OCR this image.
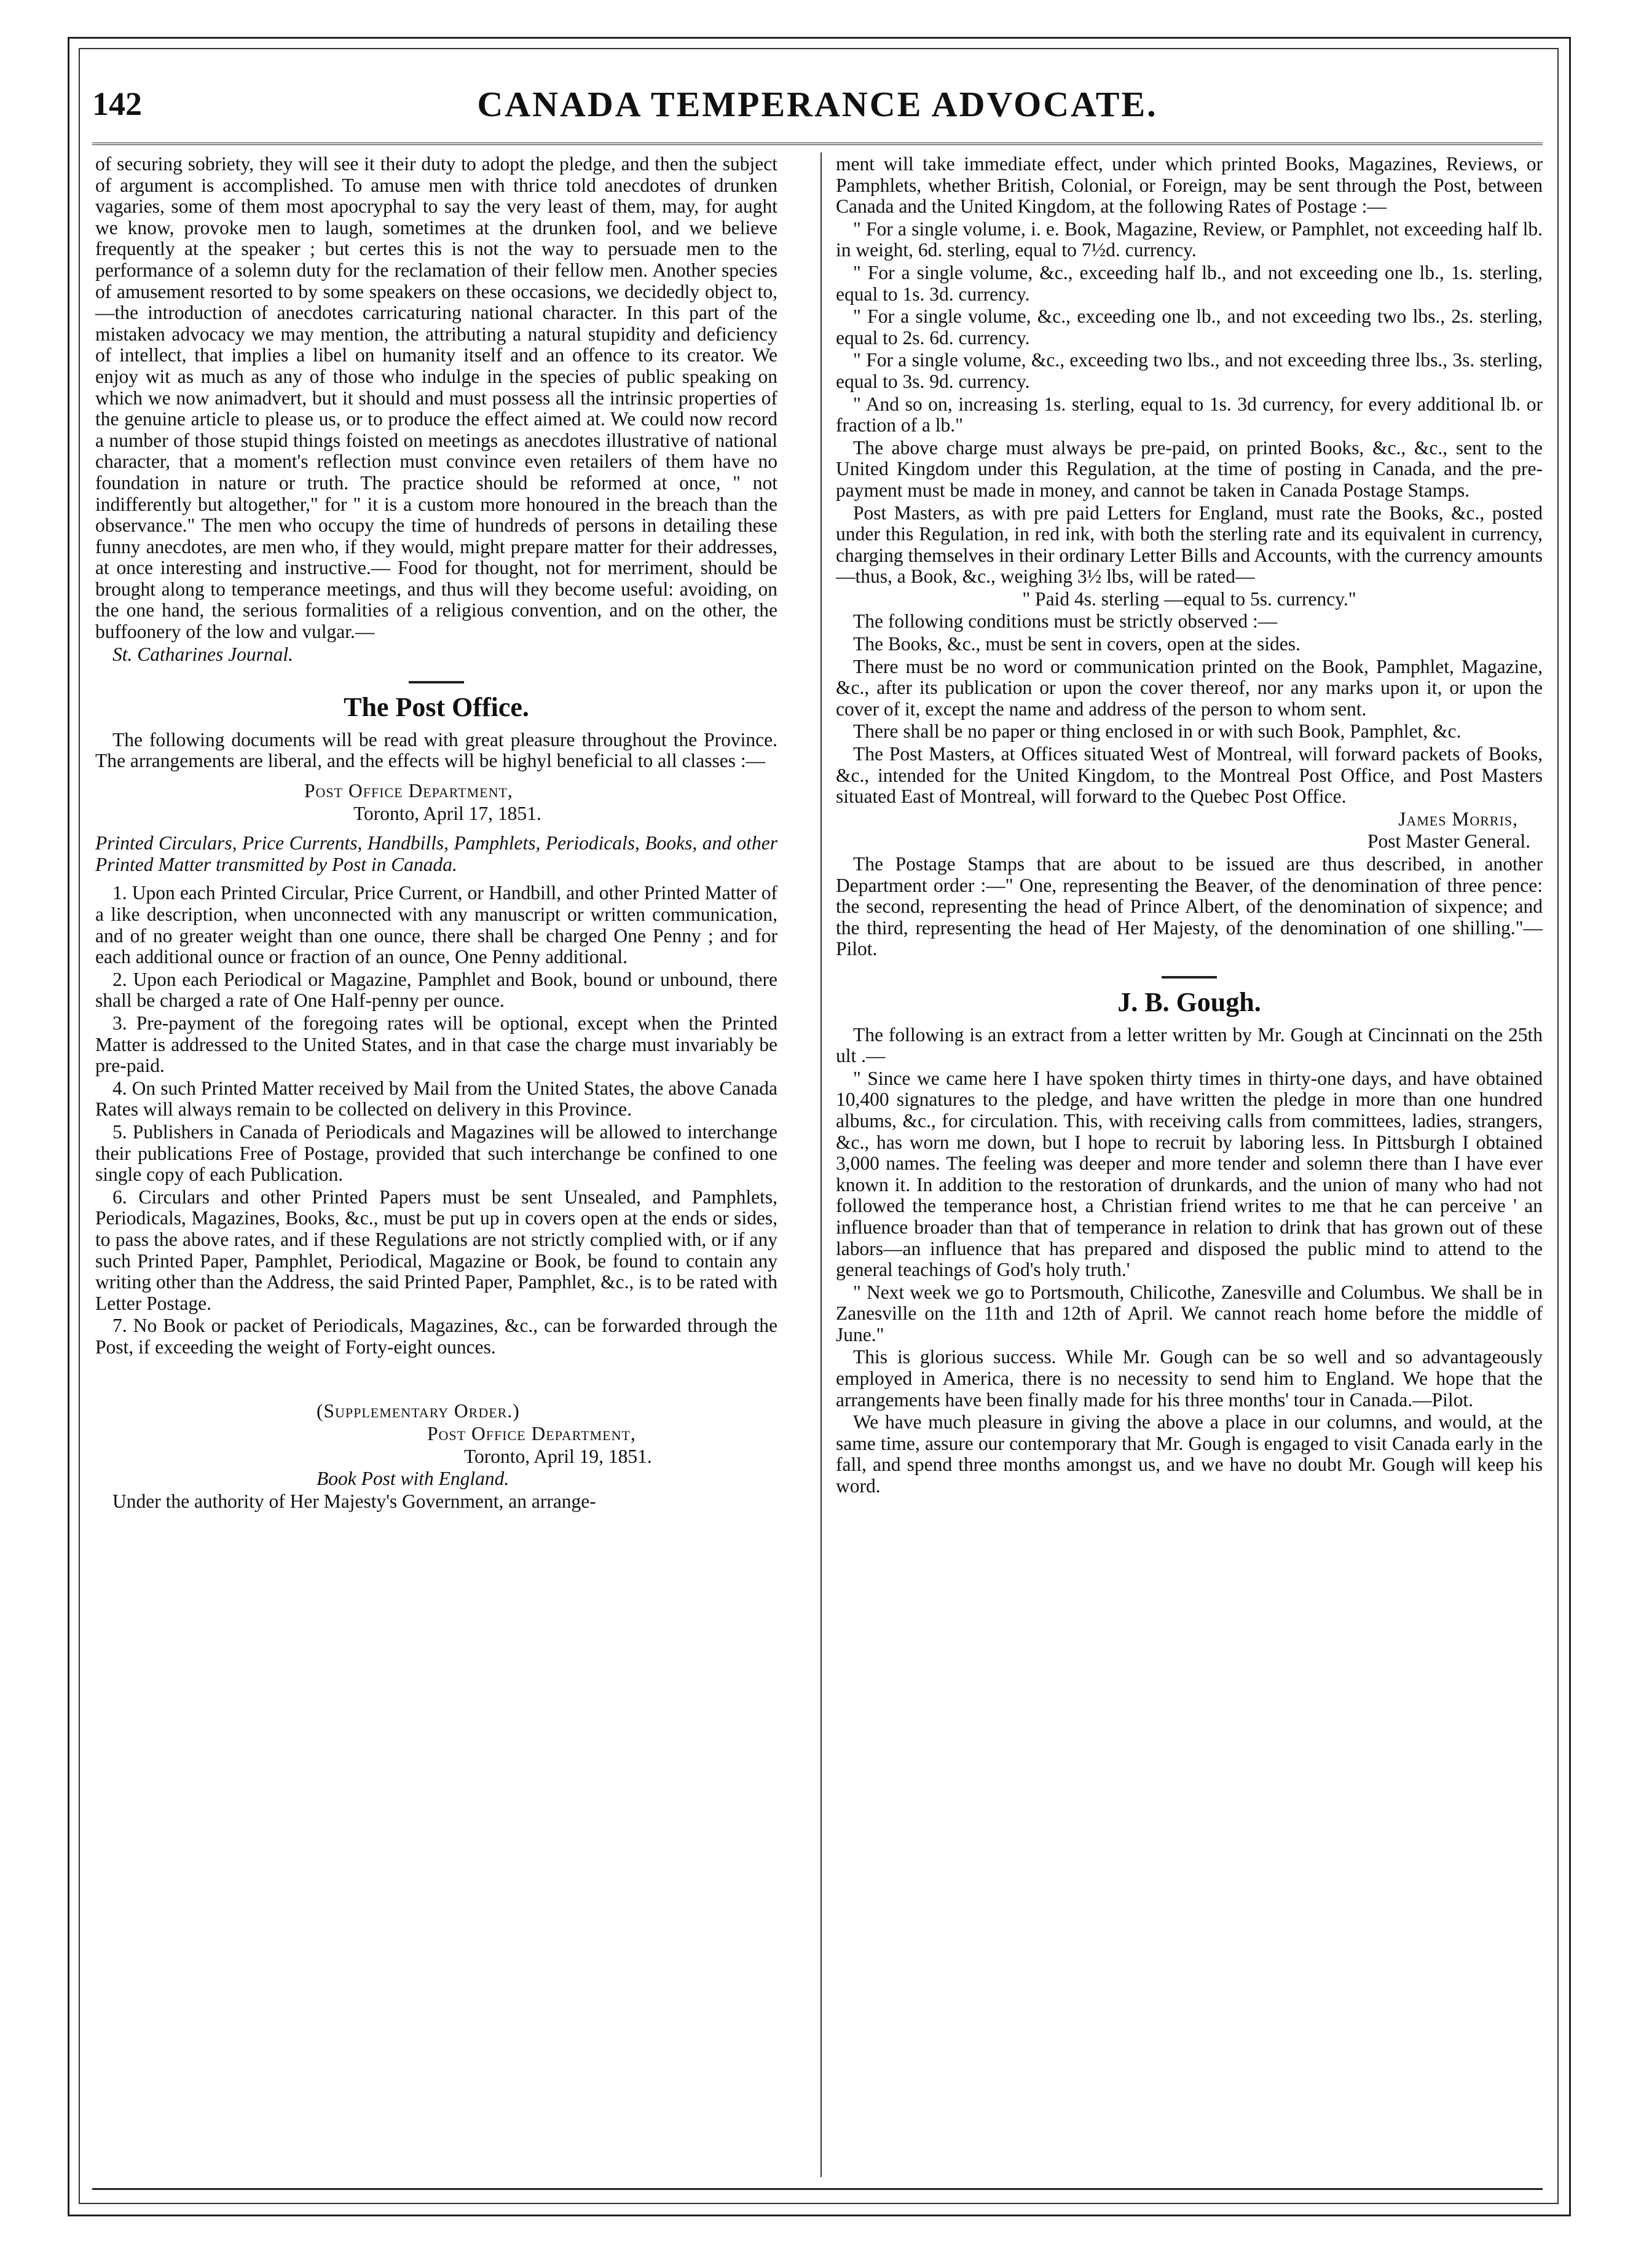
142	CANADA TEMPERANCE ADVOCATE.

of securing sobriety, they will see it their duty to adopt the pledge, and then the subject of argument is accomplished. To amuse men with thrice told anecdotes of drunken vagaries, some of them most apocryphal to say the very least of them, may, for aught we know, provoke men to laugh, sometimes at the drunken fool, and we believe frequently at the speaker ; but certes this is not the way to persuade men to the performance of a solemn duty for the reclamation of their fellow men. Another species of amusement resorted to by some speakers on these occasions, we decidedly object to,—the introduction of anecdotes carricaturing national character. In this part of the mistaken advocacy we may mention, the attributing a natural stupidity and deficiency of intellect, that implies a libel on humanity itself and an offence to its creator. We enjoy wit as much as any of those who indulge in the species of public speaking on which we now animadvert, but it should and must possess all the intrinsic properties of the genuine article to please us, or to produce the effect aimed at. We could now record a number of those stupid things foisted on meetings as anecdotes illustrative of national character, that a moment's reflection must convince even retailers of them have no foundation in nature or truth. The practice should be reformed at once, " not indifferently but altogether," for " it is a custom more honoured in the breach than the observance." The men who occupy the time of hundreds of persons in detailing these funny anecdotes, are men who, if they would, might prepare matter for their addresses, at once interesting and instructive.— Food for thought, not for merriment, should be brought along to temperance meetings, and thus will they become useful: avoiding, on the one hand, the serious formalities of a religious convention, and on the other, the buffoonery of the low and vulgar.—

St. Catharines Journal.

The Post Office.

The following documents will be read with great pleasure throughout the Province. The arrangements are liberal, and the effects will be highyl beneficial to all classes :—

Post Office Department,

Toronto, April 17, 1851.

Printed Circulars, Price Currents, Handbills, Pamphlets, Periodicals, Books, and other Printed Matter transmitted by Post in Canada.

1. Upon each Printed Circular, Price Current, or Handbill, and other Printed Matter of a like description, when unconnected with any manuscript or written communication, and of no greater weight than one ounce, there shall be charged One Penny ; and for each additional ounce or fraction of an ounce, One Penny additional.

2. Upon each Periodical or Magazine, Pamphlet and Book, bound or unbound, there shall be charged a rate of One Half-penny per ounce.

3. Pre-payment of the foregoing rates will be optional, except when the Printed Matter is addressed to the United States, and in that case the charge must invariably be pre-paid.

4. On such Printed Matter received by Mail from the United States, the above Canada Rates will always remain to be collected on delivery in this Province.

5. Publishers in Canada of Periodicals and Magazines will be allowed to interchange their publications Free of Postage, provided that such interchange be confined to one single copy of each Publication.

6. Circulars and other Printed Papers must be sent Unsealed, and Pamphlets, Periodicals, Magazines, Books, &c., must be put up in covers open at the ends or sides, to pass the above rates, and if these Regulations are not strictly complied with, or if any such Printed Paper, Pamphlet, Periodical, Magazine or Book, be found to contain any writing other than the Address, the said Printed Paper, Pamphlet, &c., is to be rated with Letter Postage.

7. No Book or packet of Periodicals, Magazines, &c., can be forwarded through the Post, if exceeding the weight of Forty-eight ounces.

(Supplementary Order.)

Post Office Department,

Toronto, April 19, 1851.

Book Post with England.

Under the authority of Her Majesty's Government, an arrange-

ment will take immediate effect, under which printed Books, Magazines, Reviews, or Pamphlets, whether British, Colonial, or Foreign, may be sent through the Post, between Canada and the United Kingdom, at the following Rates of Postage :—

" For a single volume, i. e. Book, Magazine, Review, or Pamphlet, not exceeding half lb. in weight, 6d. sterling, equal to 7½d. currency.

" For a single volume, &c., exceeding half lb., and not exceeding one lb., 1s. sterling, equal to 1s. 3d. currency.

" For a single volume, &c., exceeding one lb., and not exceeding two lbs., 2s. sterling, equal to 2s. 6d. currency.

" For a single volume, &c., exceeding two lbs., and not exceeding three lbs., 3s. sterling, equal to 3s. 9d. currency.

" And so on, increasing 1s. sterling, equal to 1s. 3d currency, for every additional lb. or fraction of a lb."

The above charge must always be pre-paid, on printed Books, &c., &c., sent to the United Kingdom under this Regulation, at the time of posting in Canada, and the pre-payment must be made in money, and cannot be taken in Canada Postage Stamps.

Post Masters, as with pre paid Letters for England, must rate the Books, &c., posted under this Regulation, in red ink, with both the sterling rate and its equivalent in currency, charging themselves in their ordinary Letter Bills and Accounts, with the currency amounts—thus, a Book, &c., weighing 3½ lbs, will be rated—

" Paid 4s. sterling —equal to 5s. currency."

The following conditions must be strictly observed :—

The Books, &c., must be sent in covers, open at the sides.

There must be no word or communication printed on the Book, Pamphlet, Magazine, &c., after its publication or upon the cover thereof, nor any marks upon it, or upon the cover of it, except the name and address of the person to whom sent.

There shall be no paper or thing enclosed in or with such Book, Pamphlet, &c.

The Post Masters, at Offices situated West of Montreal, will forward packets of Books, &c., intended for the United Kingdom, to the Montreal Post Office, and Post Masters situated East of Montreal, will forward to the Quebec Post Office.

James Morris,

Post Master General.

The Postage Stamps that are about to be issued are thus described, in another Department order :—" One, representing the Beaver, of the denomination of three pence: the second, representing the head of Prince Albert, of the denomination of sixpence; and the third, representing the head of Her Majesty, of the denomination of one shilling."—Pilot.

J. B. Gough.

The following is an extract from a letter written by Mr. Gough at Cincinnati on the 25th ult .—

" Since we came here I have spoken thirty times in thirty-one days, and have obtained 10,400 signatures to the pledge, and have written the pledge in more than one hundred albums, &c., for circulation. This, with receiving calls from committees, ladies, strangers, &c., has worn me down, but I hope to recruit by laboring less. In Pittsburgh I obtained 3,000 names. The feeling was deeper and more tender and solemn there than I have ever known it. In addition to the restoration of drunkards, and the union of many who had not followed the temperance host, a Christian friend writes to me that he can perceive ' an influence broader than that of temperance in relation to drink that has grown out of these labors—an influence that has prepared and disposed the public mind to attend to the general teachings of God's holy truth.'

" Next week we go to Portsmouth, Chilicothe, Zanesville and Columbus. We shall be in Zanesville on the 11th and 12th of April. We cannot reach home before the middle of June."

This is glorious success. While Mr. Gough can be so well and so advantageously employed in America, there is no necessity to send him to England. We hope that the arrangements have been finally made for his three months' tour in Canada.—Pilot.

We have much pleasure in giving the above a place in our columns, and would, at the same time, assure our contemporary that Mr. Gough is engaged to visit Canada early in the fall, and spend three months amongst us, and we have no doubt Mr. Gough will keep his word.
